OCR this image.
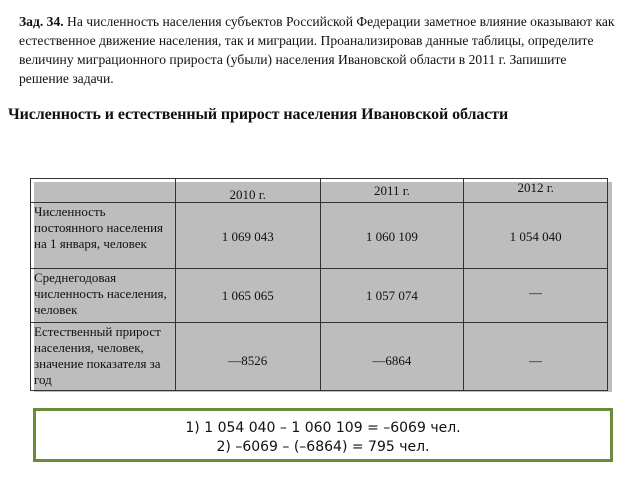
Зад. 34. На численность населения субъектов Российской Федерации заметное влияние оказывают как естественное движение населения, так и миграции. Проанализировав данные таблицы, определите величину миграционного прироста (убыли) населения Ивановской области в 2011 г. Запишите решение задачи.
Численность и естественный прирост населения Ивановской области

	2010 г.	2011 г.	2012 г.

Численность постоянного населения на 1 января, человек	1 069 043	1 060 109	1 054 040

Среднегодовая численность населения, человек	1 065 065	1 057 074	—

Естественный прирост населения, человек, значение показателя за год	—8526	—6864	—
1) 1 054 040 – 1 060 109 = –6069 чел.
2) –6069 – (–6864) = 795 чел.
